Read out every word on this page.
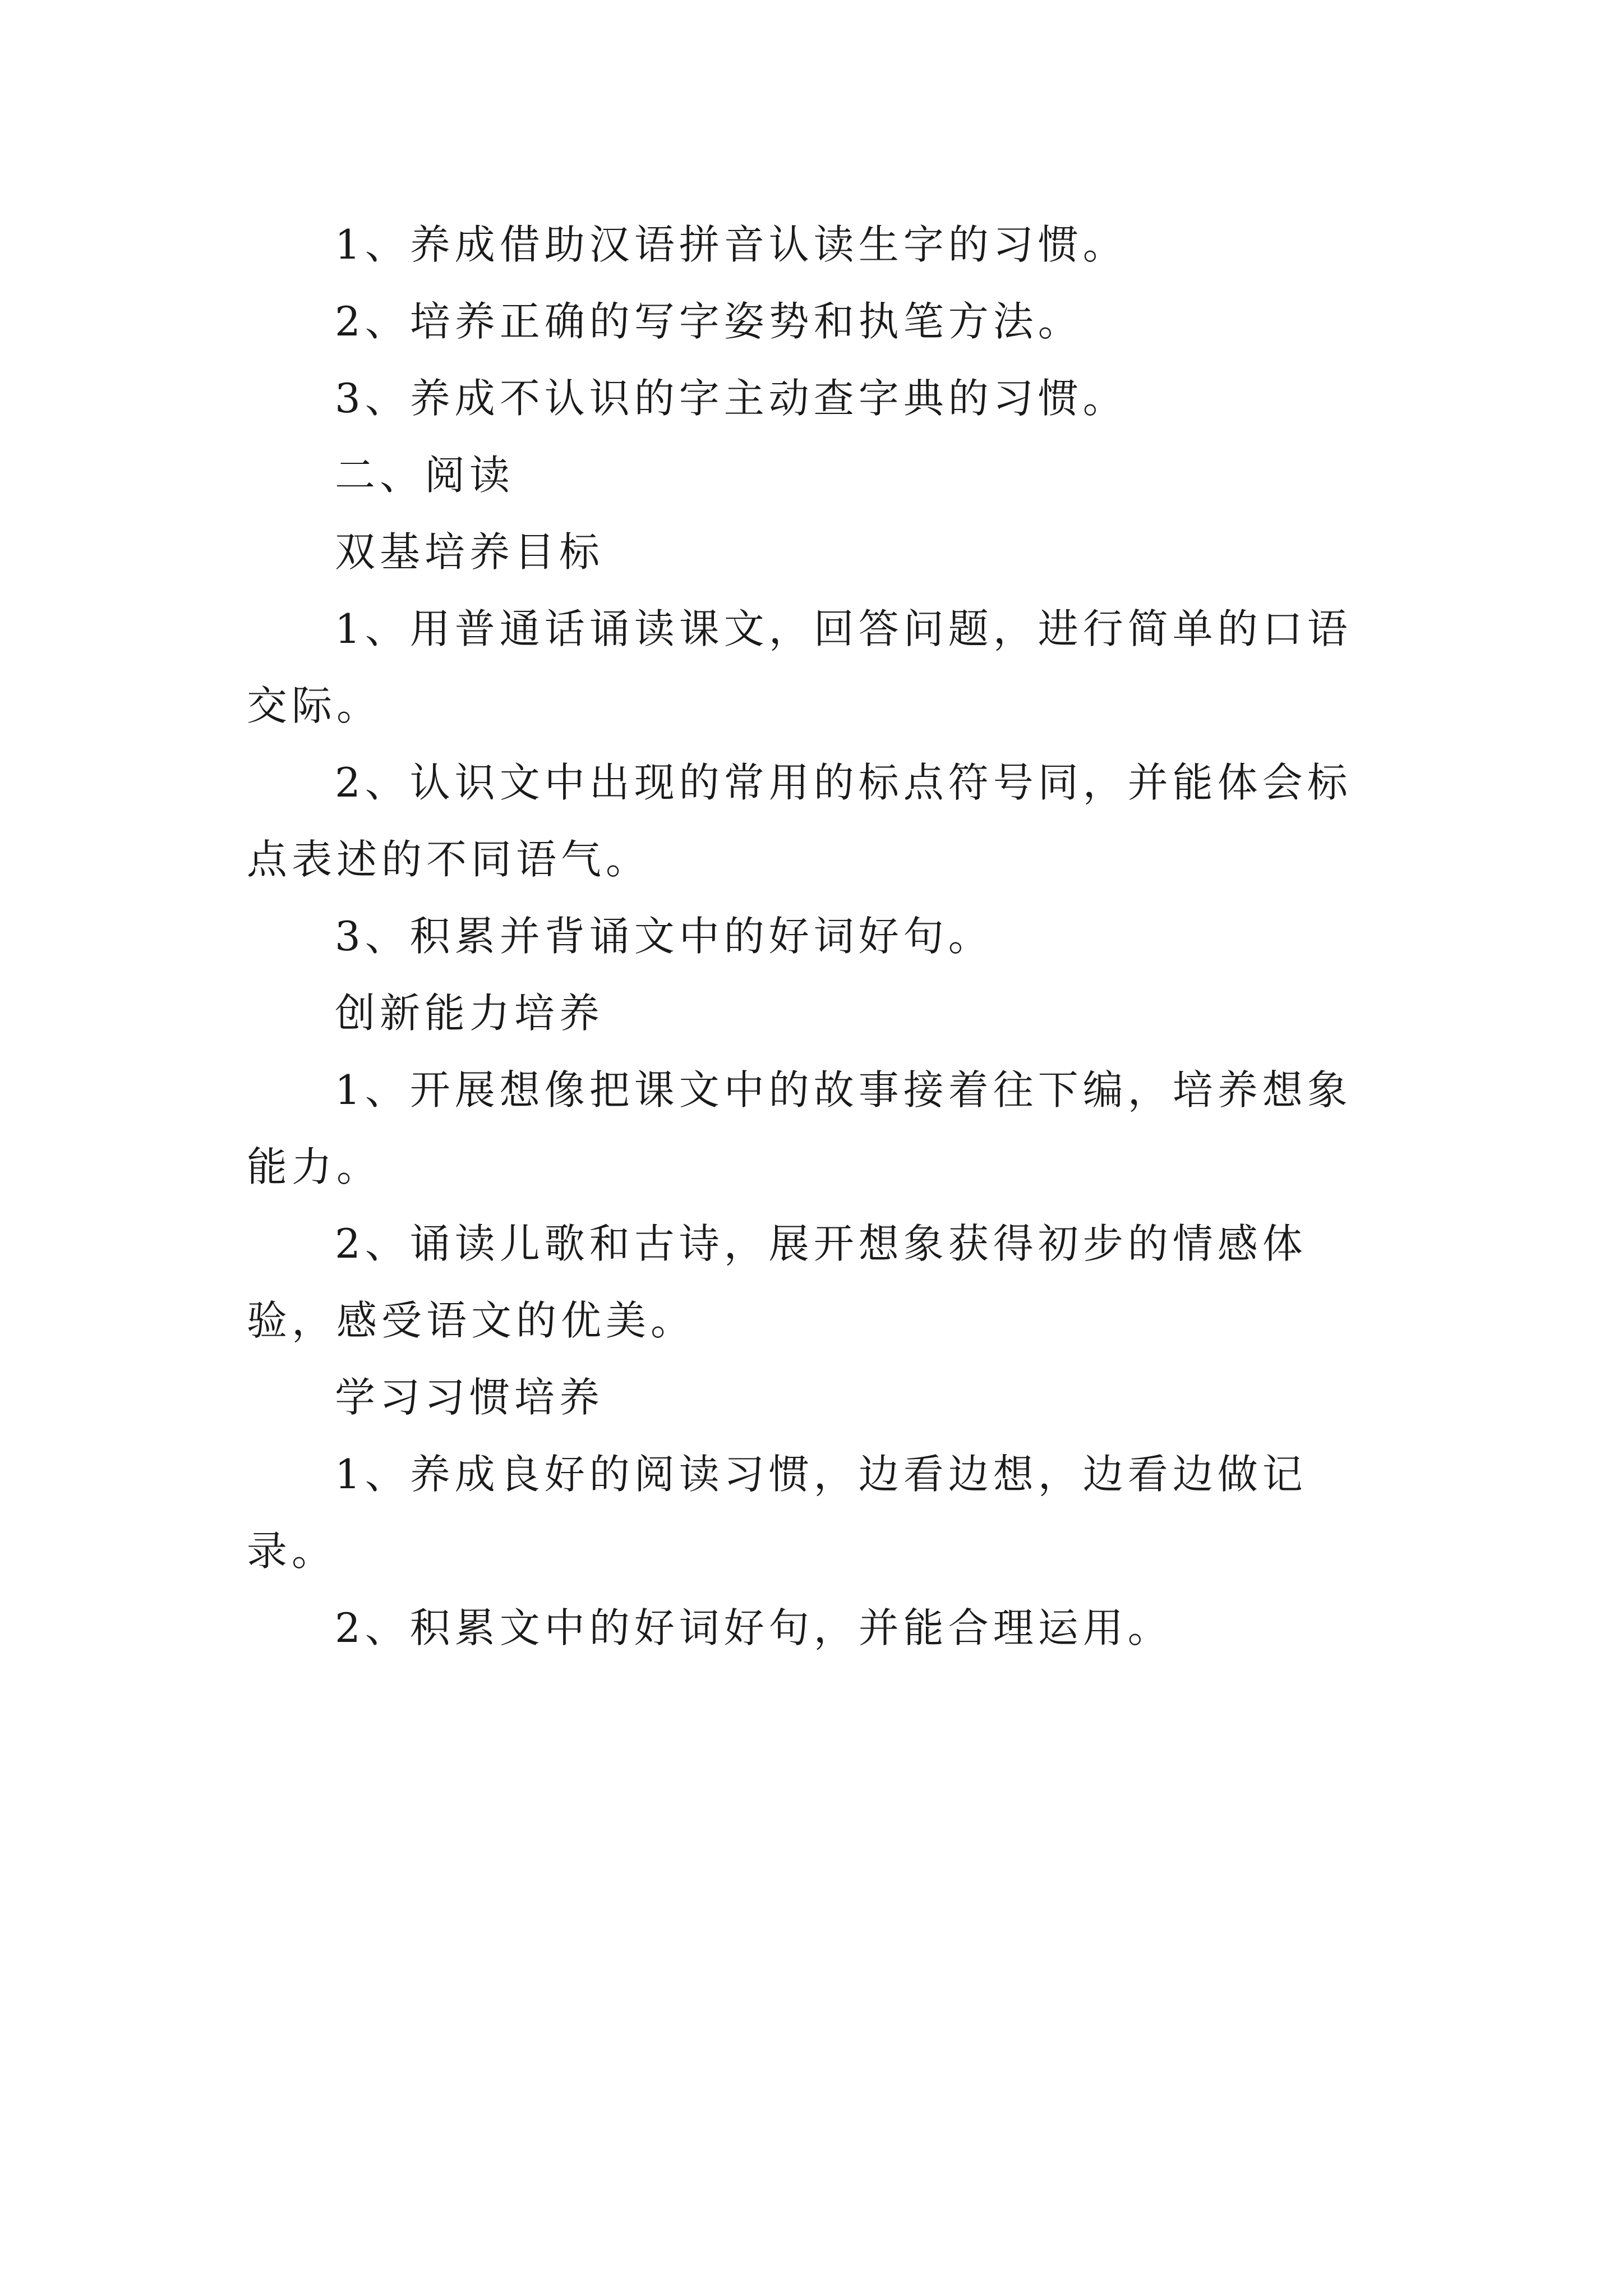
1、养成借助汉语拼音认读生字的习惯。

2、培养正确的写字姿势和执笔方法。

3、养成不认识的字主动查字典的习惯。

二、阅读

双基培养目标

1、用普通话诵读课文，回答问题，进行简单的口语交际。

2、认识文中出现的常用的标点符号同，并能体会标点表述的不同语气。

3、积累并背诵文中的好词好句。

创新能力培养

1、开展想像把课文中的故事接着往下编，培养想象能力。

2、诵读儿歌和古诗，展开想象获得初步的情感体验，感受语文的优美。

学习习惯培养

1、养成良好的阅读习惯，边看边想，边看边做记录。

2、积累文中的好词好句，并能合理运用。
